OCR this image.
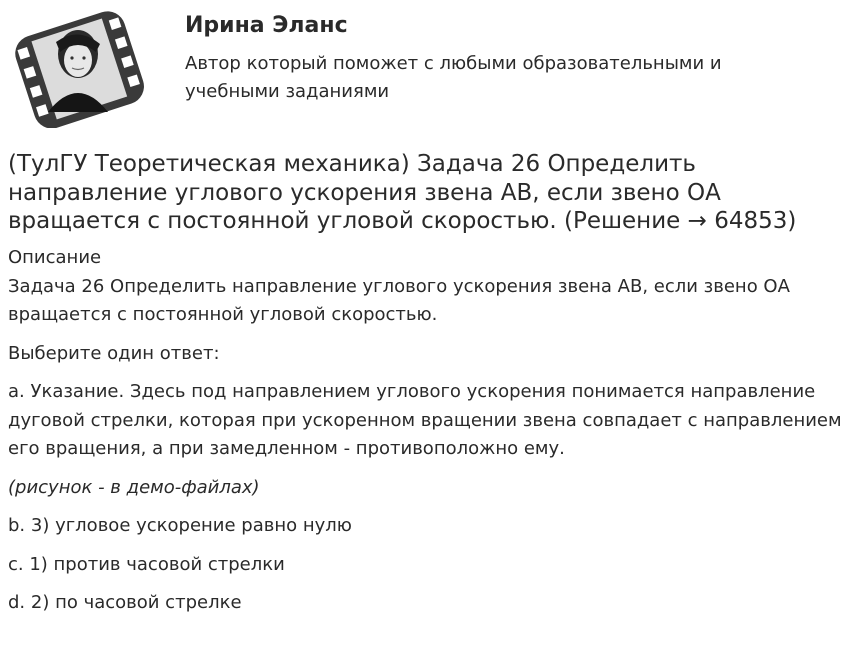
Ирина Эланс
Автор который поможет с любыми образовательными и учебными заданиями
(ТулГУ Теоретическая механика) Задача 26 Определить направление углового ускорения звена АВ, если звено ОА вращается с постоянной угловой скоростью. (Решение → 64853)

Описание

Задача 26 Определить направление углового ускорения звена АВ, если звено ОА вращается с постоянной угловой скоростью.

Выберите один ответ:

a. Указание. Здесь под направлением углового ускорения понимается направление дуговой стрелки, которая при ускоренном вращении звена совпадает с направлением его вращения, а при замедленном - противоположно ему.

(рисунок - в демо-файлах)

b. 3) угловое ускорение равно нулю

c. 1) против часовой стрелки

d. 2) по часовой стрелке
